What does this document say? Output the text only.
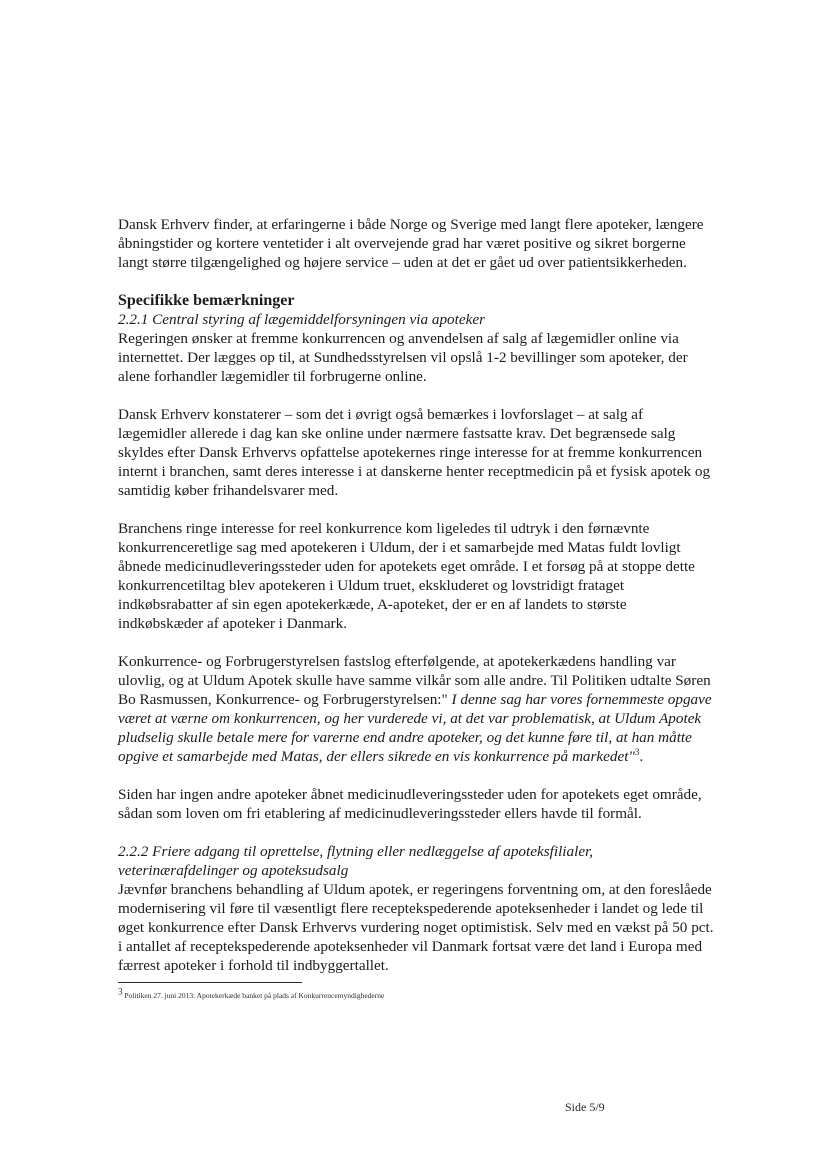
Dansk Erhverv finder, at erfaringerne i både Norge og Sverige med langt flere apoteker, længere åbningstider og kortere ventetider i alt overvejende grad har været positive og sikret borgerne langt større tilgængelighed og højere service – uden at det er gået ud over patientsikkerheden.

Specifikke bemærkninger
2.2.1 Central styring af lægemiddelforsyningen via apoteker

Regeringen ønsker at fremme konkurrencen og anvendelsen af salg af lægemidler online via internettet. Der lægges op til, at Sundhedsstyrelsen vil opslå 1-2 bevillinger som apoteker, der alene forhandler lægemidler til forbrugerne online.

Dansk Erhverv konstaterer – som det i øvrigt også bemærkes i lovforslaget – at salg af lægemidler allerede i dag kan ske online under nærmere fastsatte krav. Det begrænsede salg skyldes efter Dansk Erhvervs opfattelse apotekernes ringe interesse for at fremme konkurrencen internt i branchen, samt deres interesse i at danskerne henter receptmedicin på et fysisk apotek og samtidig køber frihandelsvarer med.

Branchens ringe interesse for reel konkurrence kom ligeledes til udtryk i den førnævnte konkurrenceretlige sag med apotekeren i Uldum, der i et samarbejde med Matas fuldt lovligt åbnede medicinudleveringssteder uden for apotekets eget område. I et forsøg på at stoppe dette konkurrencetiltag blev apotekeren i Uldum truet, ekskluderet og lovstridigt frataget indkøbsrabatter af sin egen apotekerkæde, A-apoteket, der er en af landets to største indkøbskæder af apoteker i Danmark.

Konkurrence- og Forbrugerstyrelsen fastslog efterfølgende, at apotekerkædens handling var ulovlig, og at Uldum Apotek skulle have samme vilkår som alle andre. Til Politiken udtalte Søren Bo Rasmussen, Konkurrence- og Forbrugerstyrelsen:" I denne sag har vores fornemmeste opgave været at værne om konkurrencen, og her vurderede vi, at det var problematisk, at Uldum Apotek pludselig skulle betale mere for varerne end andre apoteker, og det kunne føre til, at han måtte opgive et samarbejde med Matas, der ellers sikrede en vis konkurrence på markedet"$^3$.

Siden har ingen andre apoteker åbnet medicinudleveringssteder uden for apotekets eget område, sådan som loven om fri etablering af medicinudleveringssteder ellers havde til formål.

2.2.2 Friere adgang til oprettelse, flytning eller nedlæggelse af apoteksfilialer, veterinærafdelinger og apoteksudsalg

Jævnfør branchens behandling af Uldum apotek, er regeringens forventning om, at den foreslåede modernisering vil føre til væsentligt flere receptekspederende apoteksenheder i landet og lede til øget konkurrence efter Dansk Erhvervs vurdering noget optimistisk. Selv med en vækst på 50 pct. i antallet af receptekspederende apoteksenheder vil Danmark fortsat være det land i Europa med færrest apoteker i forhold til indbyggertallet.

$^3$ Politiken 27. juni 2013: Apotekerkæde banket på plads af Konkurrencemyndighederne
Side 5/9
